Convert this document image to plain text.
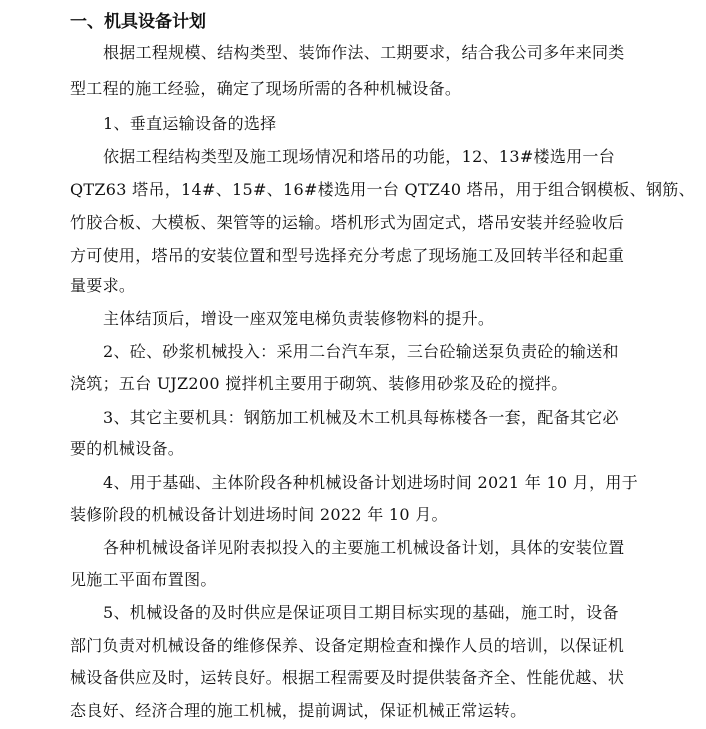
一、机具设备计划

根据工程规模、结构类型、装饰作法、工期要求，结合我公司多年来同类

型工程的施工经验，确定了现场所需的各种机械设备。

1、垂直运输设备的选择

依据工程结构类型及施工现场情况和塔吊的功能，12、13#楼选用一台

QTZ63 塔吊，14#、15#、16#楼选用一台 QTZ40 塔吊，用于组合钢模板、钢筋、

竹胶合板、大模板、架管等的运输。塔机形式为固定式，塔吊安装并经验收后

方可使用，塔吊的安装位置和型号选择充分考虑了现场施工及回转半径和起重

量要求。

主体结顶后，增设一座双笼电梯负责装修物料的提升。

2、砼、砂浆机械投入：采用二台汽车泵，三台砼输送泵负责砼的输送和

浇筑；五台 UJZ200 搅拌机主要用于砌筑、装修用砂浆及砼的搅拌。

3、其它主要机具：钢筋加工机械及木工机具每栋楼各一套，配备其它必

要的机械设备。

4、用于基础、主体阶段各种机械设备计划进场时间 2021 年 10 月，用于

装修阶段的机械设备计划进场时间 2022 年 10 月。

各种机械设备详见附表拟投入的主要施工机械设备计划，具体的安装位置

见施工平面布置图。

5、机械设备的及时供应是保证项目工期目标实现的基础，施工时，设备

部门负责对机械设备的维修保养、设备定期检查和操作人员的培训，以保证机

械设备供应及时，运转良好。根据工程需要及时提供装备齐全、性能优越、状

态良好、经济合理的施工机械，提前调试，保证机械正常运转。
